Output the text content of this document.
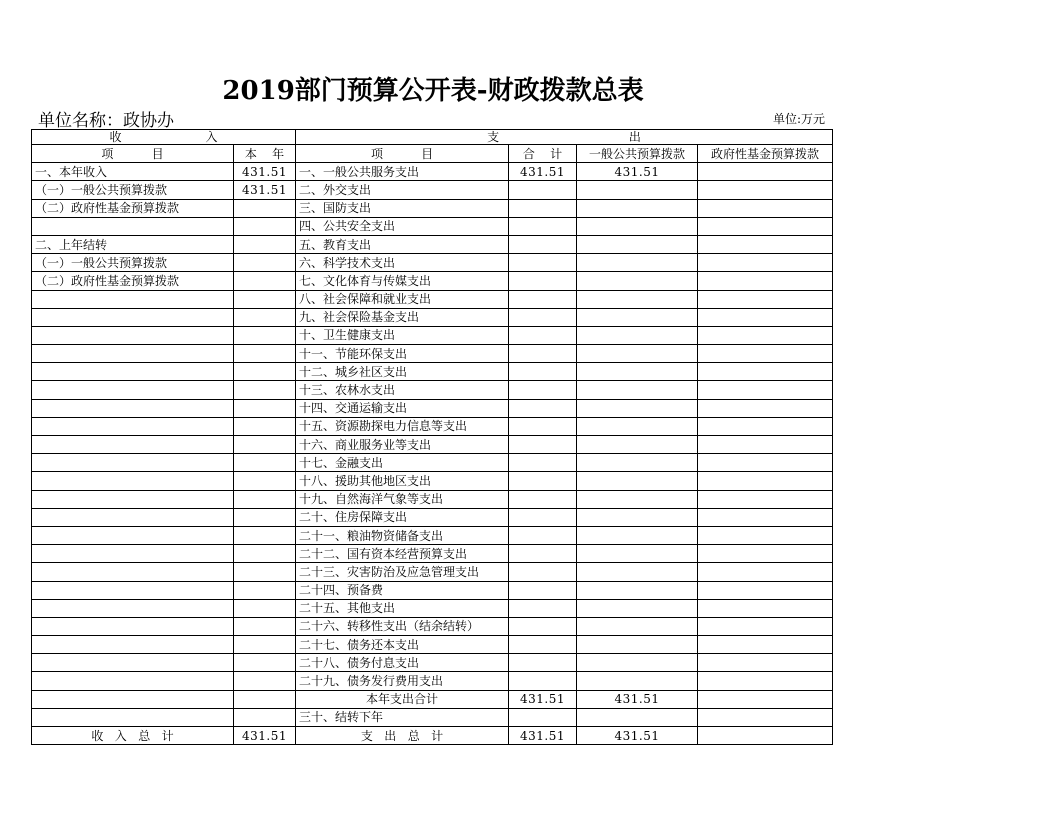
2019部门预算公开表-财政拨款总表
单位名称：政协办	单位:万元
收                      入		支                                  出			
项          目	本    年	项          目	合    计	一般公共预算拨款	政府性基金预算拨款
一、本年收入	431.51	一、一般公共服务支出	431.51	431.51	
（一）一般公共预算拨款	431.51	二、外交支出			
（二）政府性基金预算拨款		三、国防支出			
		四、公共安全支出			
二、上年结转		五、教育支出			
（一）一般公共预算拨款		六、科学技术支出			
（二）政府性基金预算拨款		七、文化体育与传媒支出			
		八、社会保障和就业支出			
		九、社会保险基金支出			
		十、卫生健康支出			
		十一、节能环保支出			
		十二、城乡社区支出			
		十三、农林水支出			
		十四、交通运输支出			
		十五、资源勘探电力信息等支出			
		十六、商业服务业等支出			
		十七、金融支出			
		十八、援助其他地区支出			
		十九、自然海洋气象等支出			
		二十、住房保障支出			
		二十一、粮油物资储备支出			
		二十二、国有资本经营预算支出			
		二十三、灾害防治及应急管理支出			
		二十四、预备费			
		二十五、其他支出			
		二十六、转移性支出（结余结转）			
		二十七、债务还本支出			
		二十八、债务付息支出			
		二十九、债务发行费用支出			
		本年支出合计	431.51	431.51	
		三十、结转下年			
收   入   总   计	431.51	支   出   总   计	431.51	431.51	
